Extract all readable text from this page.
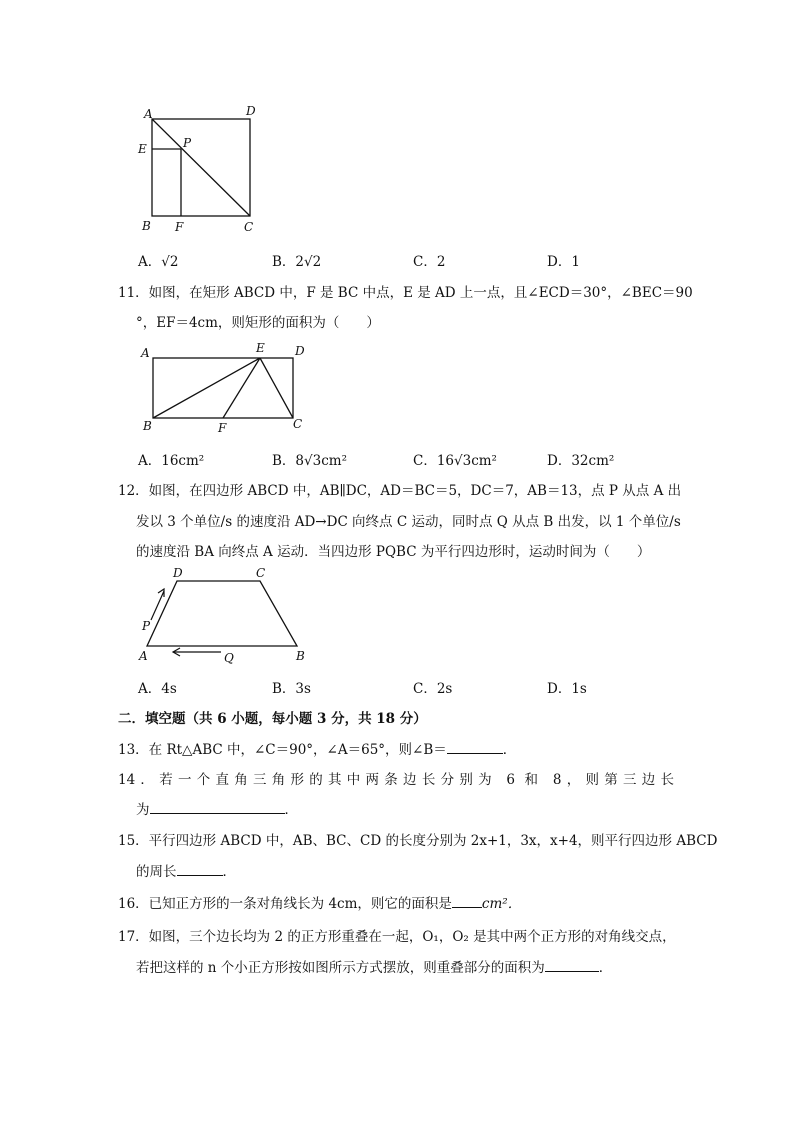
A	D
E	P
B F	C
A．√2	B．2√2	C．2	D．1
11．如图，在矩形 ABCD 中，F 是 BC 中点，E 是 AD 上一点，且∠ECD＝30°，∠BEC＝90
°，EF＝4cm，则矩形的面积为（　　）
A	E	D
B	F	C
A．16cm²	B．8√3cm²	C．16√3cm²	D．32cm²
12．如图，在四边形 ABCD 中，AB∥DC，AD＝BC＝5，DC＝7，AB＝13，点 P 从点 A 出
发以 3 个单位/s 的速度沿 AD→DC 向终点 C 运动，同时点 Q 从点 B 出发，以 1 个单位/s
的速度沿 BA 向终点 A 运动．当四边形 PQBC 为平行四边形时，运动时间为（　　）
D	C
P
A	Q	B
A．4s	B．3s	C．2s	D．1s
二．填空题（共 6 小题，每小题 3 分，共 18 分）
13．在 Rt△ABC 中，∠C＝90°，∠A＝65°，则∠B＝	．
14．若一个直角三角形的其中两条边长分别为 6 和 8，则第三边长
为	．
15．平行四边形 ABCD 中，AB、BC、CD 的长度分别为 2x+1，3x，x+4，则平行四边形 ABCD
的周长	．
16．已知正方形的一条对角线长为 4cm，则它的面积是 cm²．
17．如图，三个边长均为 2 的正方形重叠在一起，O₁，O₂ 是其中两个正方形的对角线交点，
若把这样的 n 个小正方形按如图所示方式摆放，则重叠部分的面积为	．
